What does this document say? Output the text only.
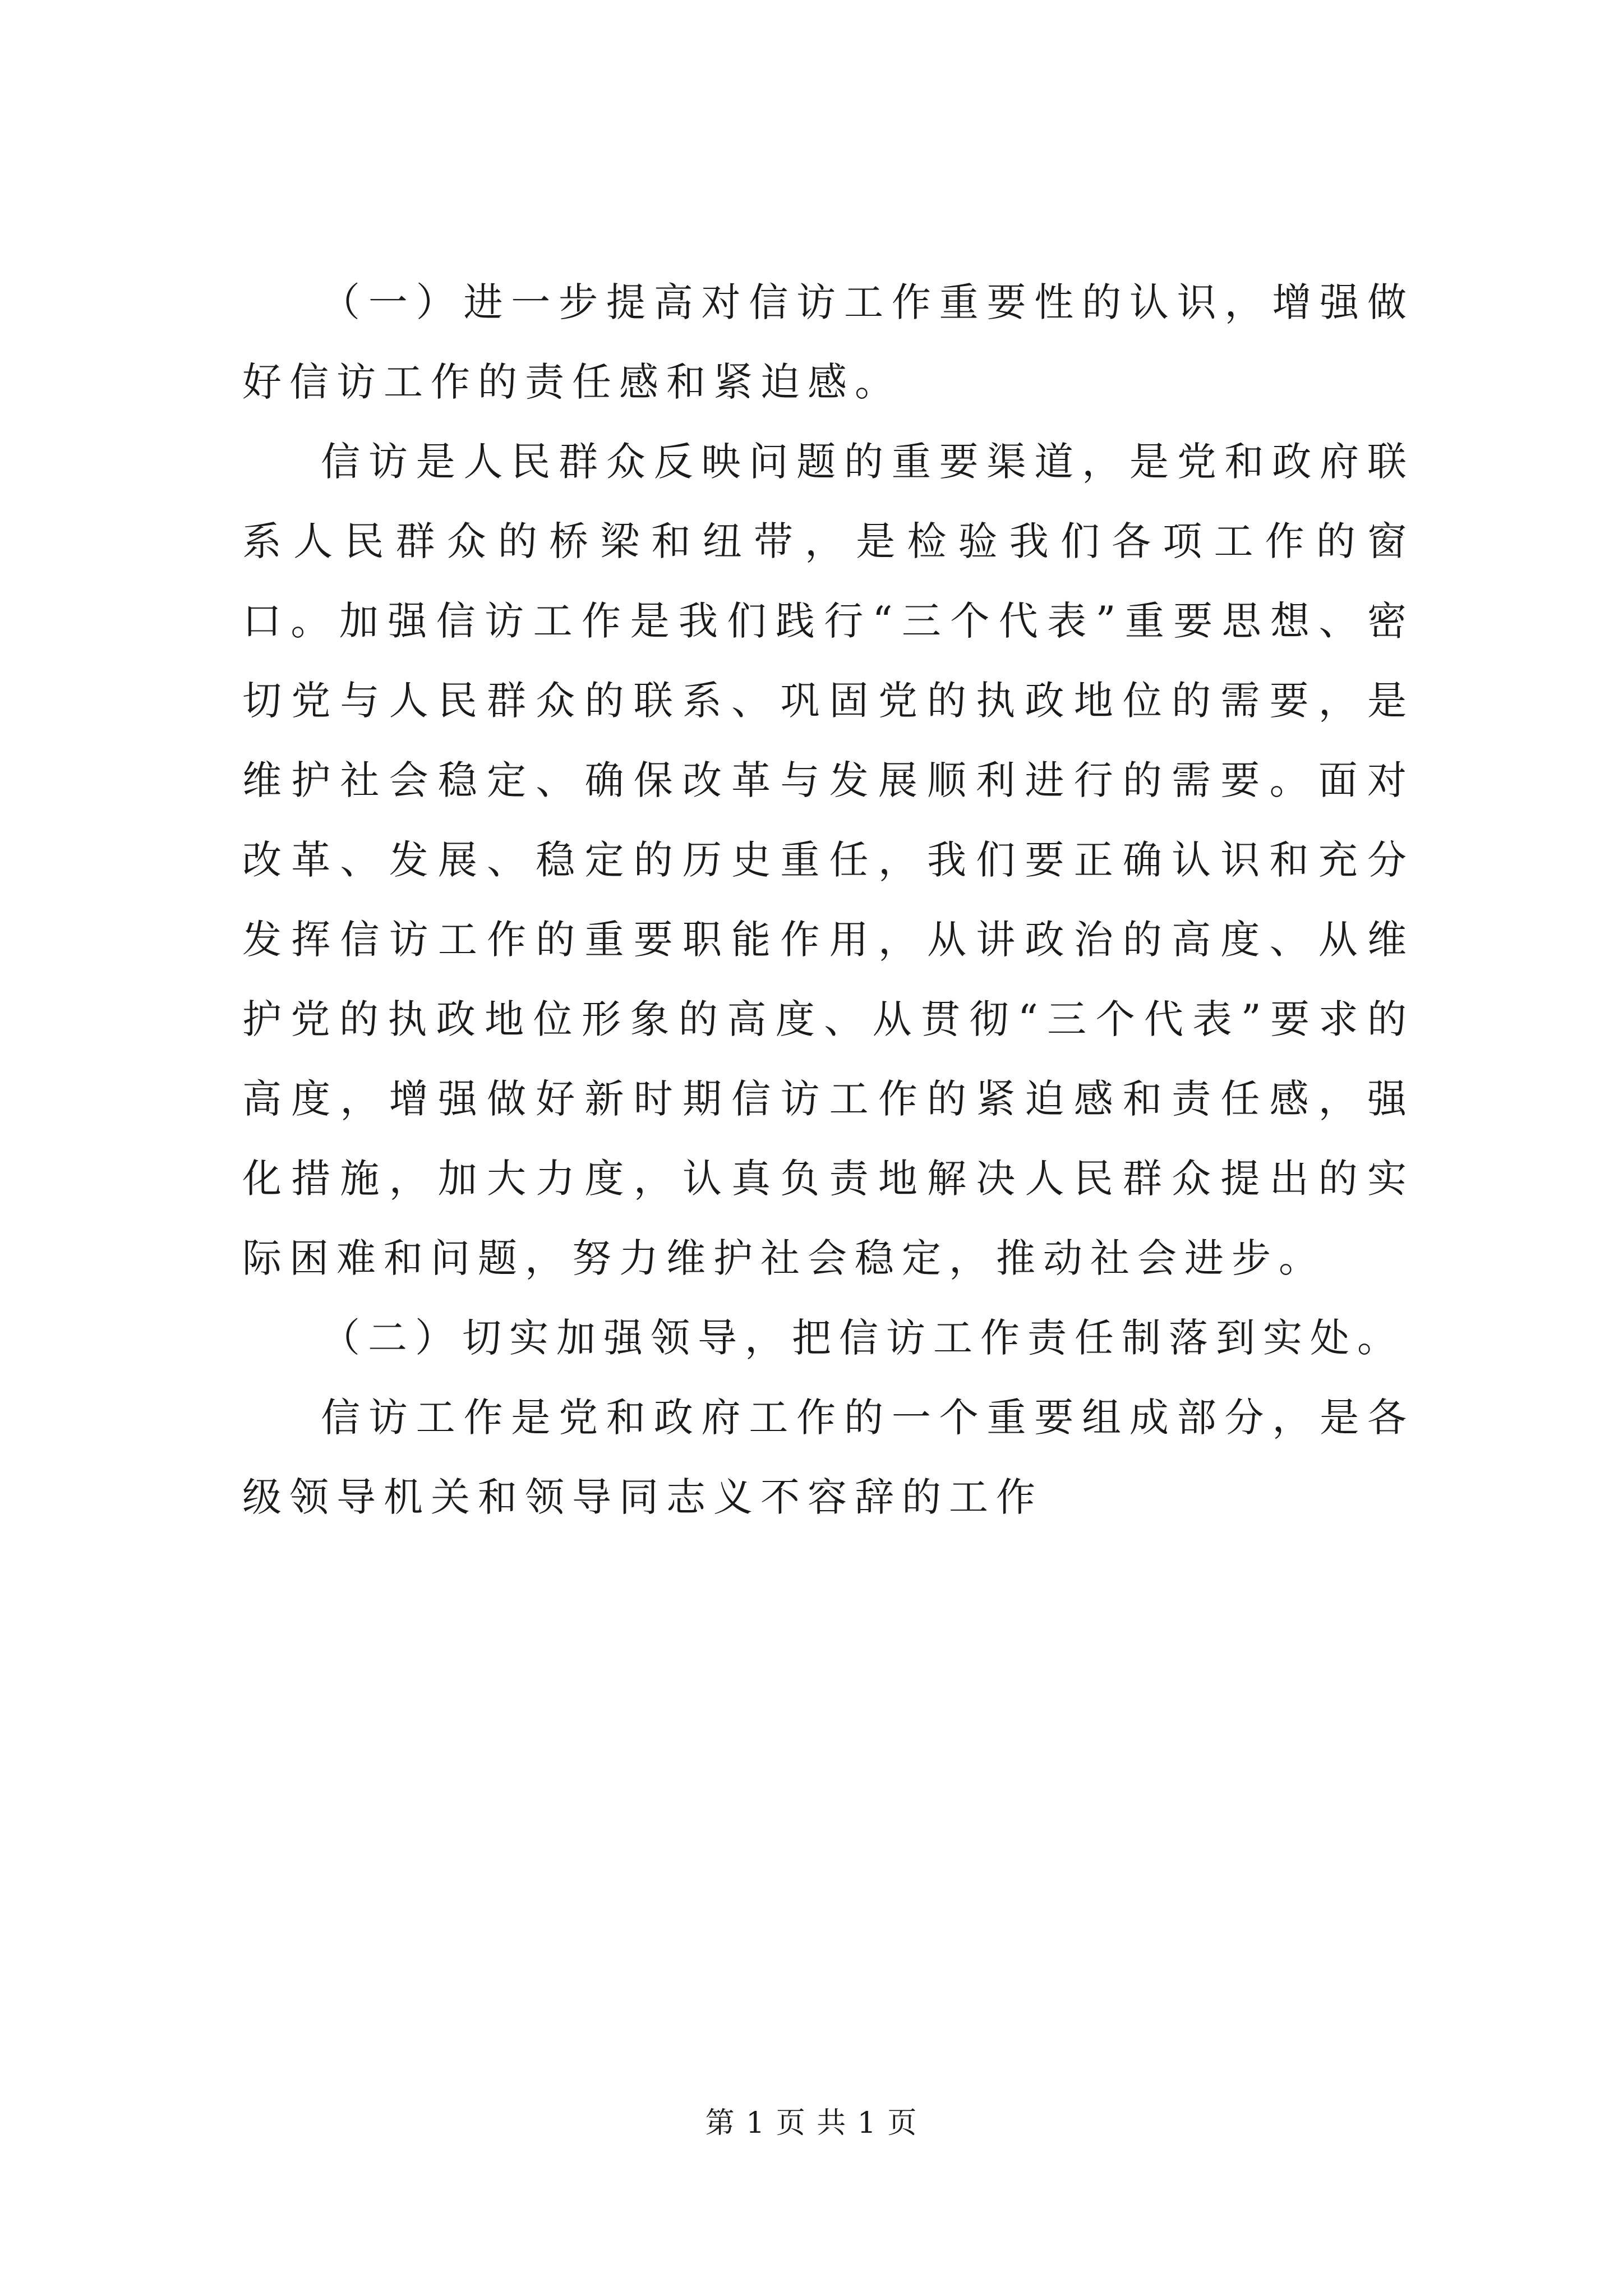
（一）进一步提高对信访工作重要性的认识，增强做好信访工作的责任感和紧迫感。

信访是人民群众反映问题的重要渠道，是党和政府联系人民群众的桥梁和纽带，是检验我们各项工作的窗口。加强信访工作是我们践行“三个代表”重要思想、密切党与人民群众的联系、巩固党的执政地位的需要，是维护社会稳定、确保改革与发展顺利进行的需要。面对改革、发展、稳定的历史重任，我们要正确认识和充分发挥信访工作的重要职能作用，从讲政治的高度、从维护党的执政地位形象的高度、从贯彻“三个代表”要求的高度，增强做好新时期信访工作的紧迫感和责任感，强化措施，加大力度，认真负责地解决人民群众提出的实际困难和问题，努力维护社会稳定，推动社会进步。

（二）切实加强领导，把信访工作责任制落到实处。

信访工作是党和政府工作的一个重要组成部分，是各级领导机关和领导同志义不容辞的工作

第 1 页 共 1 页
